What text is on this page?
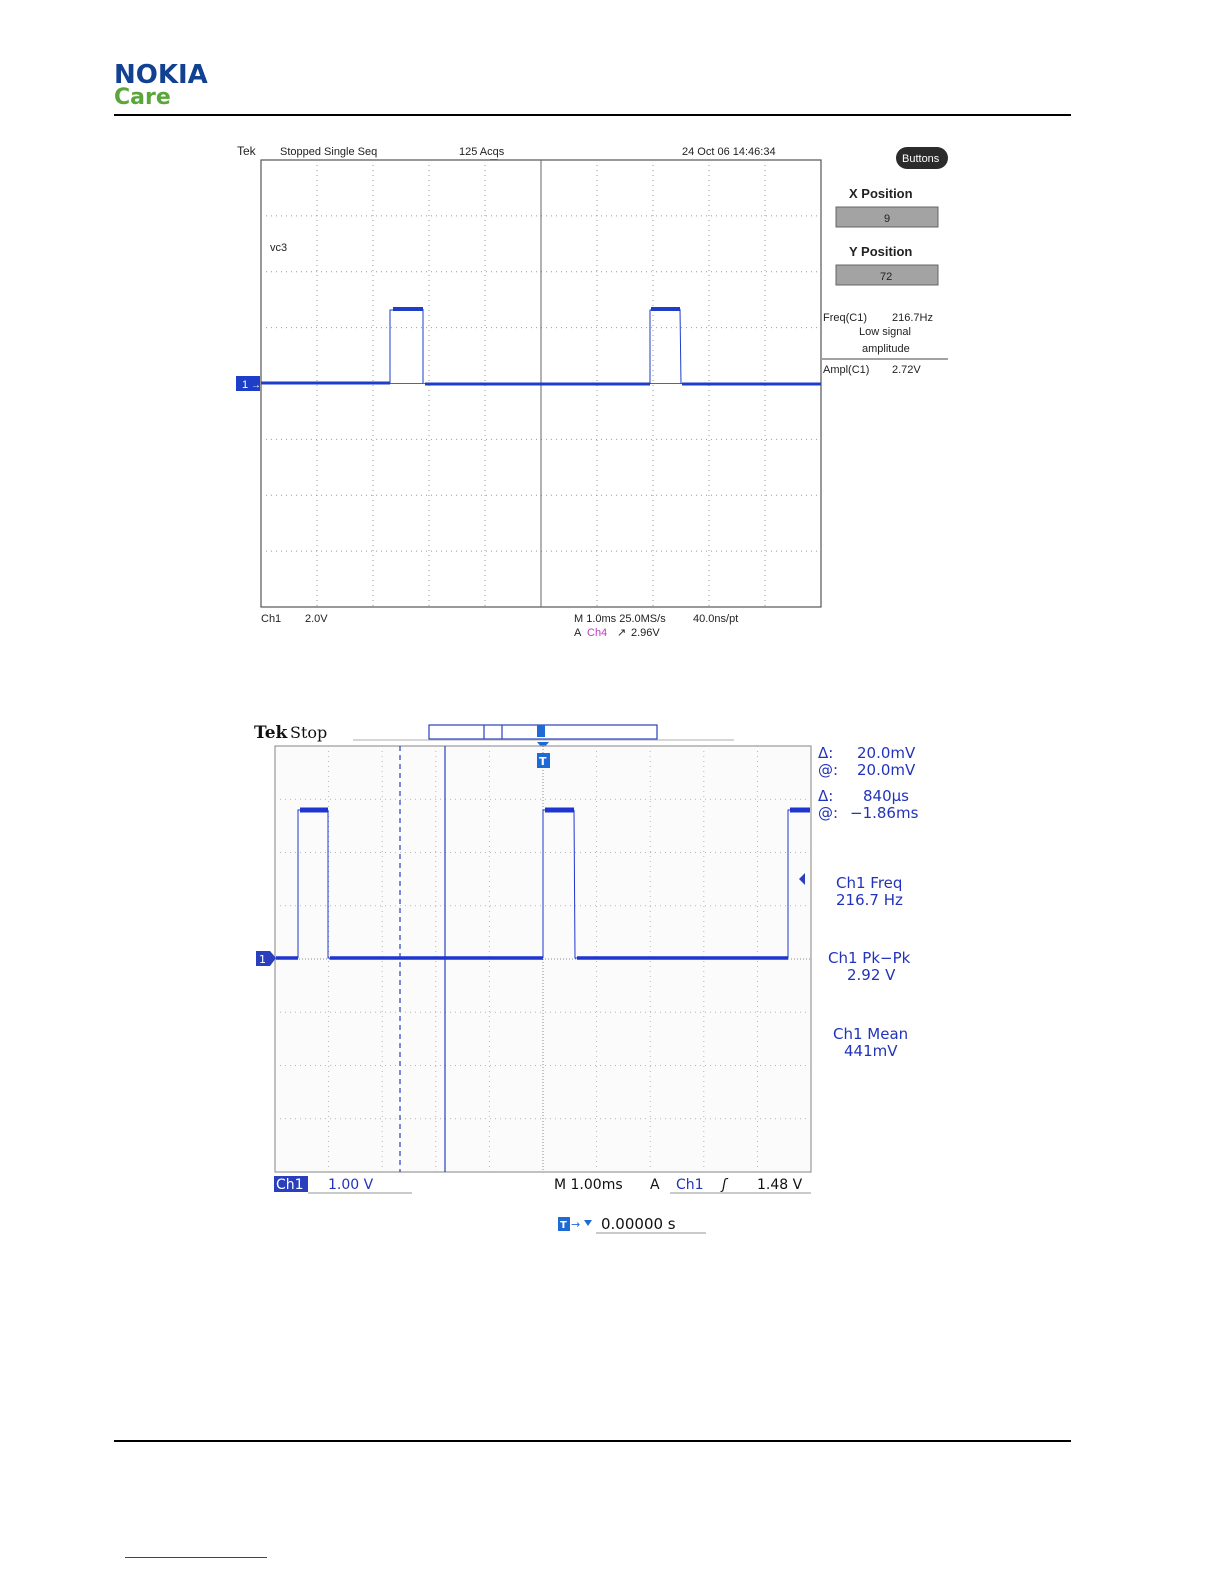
NOKIA
Care
Tek Stopped Single Seq	125 Acqs	24 Oct 06 14:46:34
vc3
1 →
Buttons
X Position
9
Y Position
72
Freq(C1) 216.7Hz
Low signal
amplitude
Ampl(C1) 2.72V
Ch1 2.0V	M 1.0ms 25.0MS/s 40.0ns/pt
A Ch4 ↗ 2.96V
Tek Stop
T
1
Δ: 20.0mV
@: 20.0mV
Δ: 840µs
@: −1.86ms
Ch1 Freq
216.7 Hz
Ch1 Pk−Pk
2.92 V
Ch1 Mean
441mV
Ch1 1.00 V	M 1.00ms A Ch1 ʃ 1.48 V
T → 0.00000 s
